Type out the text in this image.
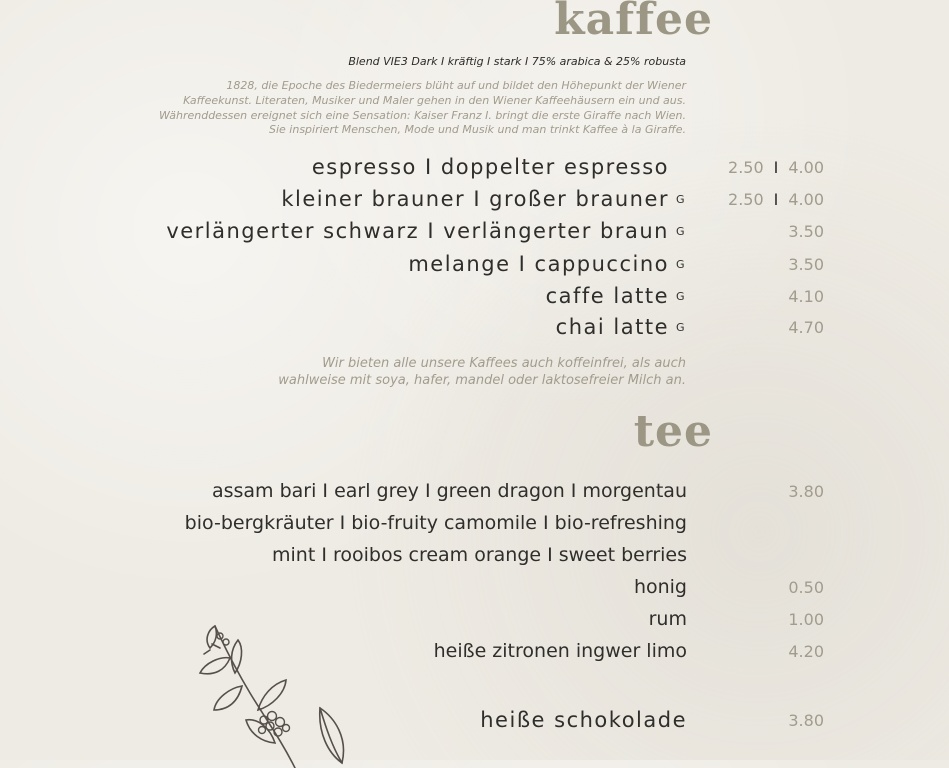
kaffee
Blend VIE3 Dark I kräftig I stark I 75% arabica & 25% robusta
1828, die Epoche des Biedermeiers blüht auf und bildet den Höhepunkt der Wiener
Kaffeekunst. Literaten, Musiker und Maler gehen in den Wiener Kaffeehäusern ein und aus.
Währenddessen ereignet sich eine Sensation: Kaiser Franz I. bringt die erste Giraffe nach Wien.
Sie inspiriert Menschen, Mode und Musik und man trinkt Kaffee à la Giraffe.
espresso I doppelter espresso	2.50 I 4.00
kleiner brauner I großer brauner G	2.50 I 4.00
verlängerter schwarz I verlängerter braun G	3.50
melange I cappuccino G	3.50
caffe latte G	4.10
chai latte G	4.70
Wir bieten alle unsere Kaffees auch koffeinfrei, als auch
wahlweise mit soya, hafer, mandel oder laktosefreier Milch an.
tee
assam bari I earl grey I green dragon I morgentau	3.80
bio-bergkräuter I bio-fruity camomile I bio-refreshing
mint I rooibos cream orange I sweet berries
honig	0.50
rum	1.00
heiße zitronen ingwer limo	4.20
heiße schokolade	3.80
